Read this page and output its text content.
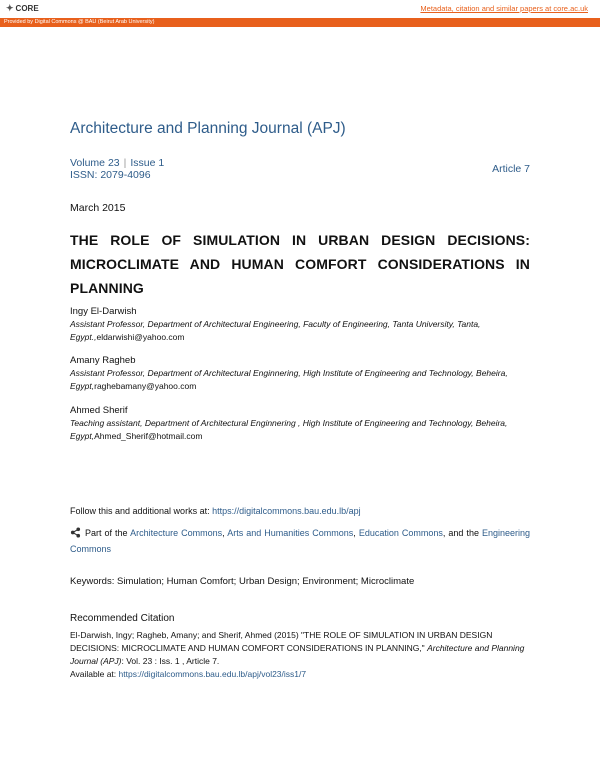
✦ CORE	Metadata, citation and similar papers at core.ac.uk
Provided by Digital Commons @ BAU (Beirut Arab University)
Architecture and Planning Journal (APJ)
Volume 23 | Issue 1
ISSN: 2079-4096	Article 7
March 2015
THE ROLE OF SIMULATION IN URBAN DESIGN DECISIONS: MICROCLIMATE AND HUMAN COMFORT CONSIDERATIONS IN PLANNING
Ingy El-Darwish
Assistant Professor, Department of Architectural Engineering, Faculty of Engineering, Tanta University, Tanta, Egypt.,eldarwishi@yahoo.com
Amany Ragheb
Assistant Professor, Department of Architectural Enginnering, High Institute of Engineering and Technology, Beheira, Egypt,raghebamany@yahoo.com
Ahmed Sherif
Teaching assistant, Department of Architectural Enginnering , High Institute of Engineering and Technology, Beheira, Egypt,Ahmed_Sherif@hotmail.com
Follow this and additional works at: https://digitalcommons.bau.edu.lb/apj
Part of the Architecture Commons, Arts and Humanities Commons, Education Commons, and the Engineering Commons
Keywords: Simulation; Human Comfort; Urban Design; Environment; Microclimate
Recommended Citation
El-Darwish, Ingy; Ragheb, Amany; and Sherif, Ahmed (2015) "THE ROLE OF SIMULATION IN URBAN DESIGN DECISIONS: MICROCLIMATE AND HUMAN COMFORT CONSIDERATIONS IN PLANNING," Architecture and Planning Journal (APJ): Vol. 23 : Iss. 1 , Article 7.
Available at: https://digitalcommons.bau.edu.lb/apj/vol23/iss1/7
